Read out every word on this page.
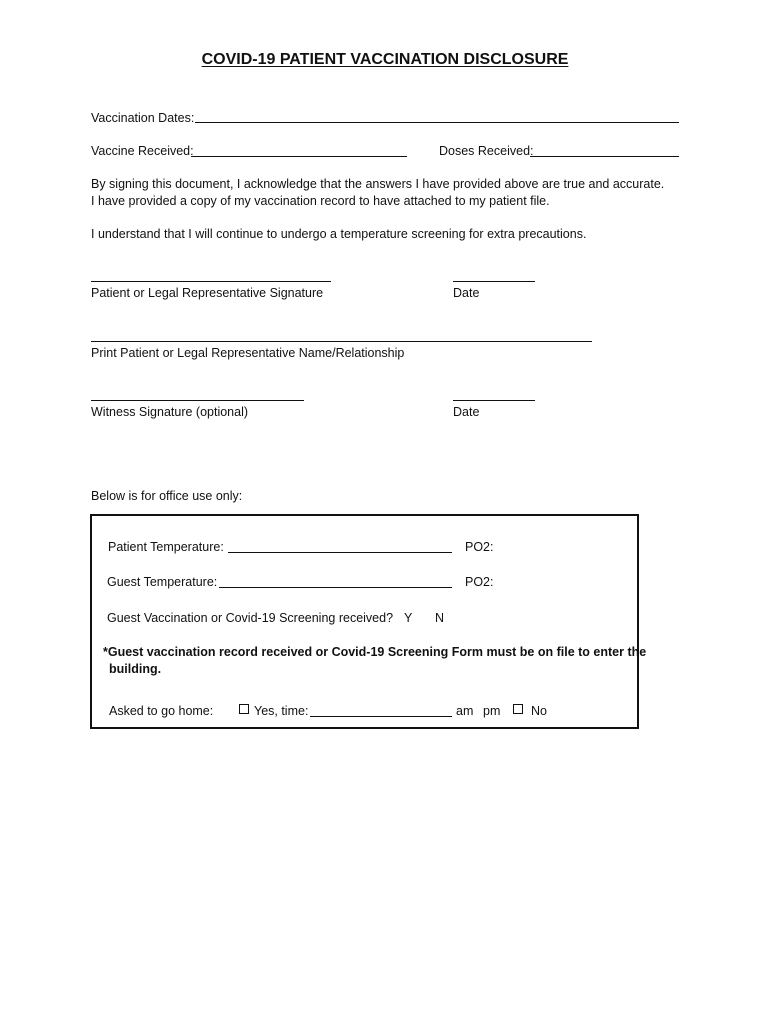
COVID-19 PATIENT VACCINATION DISCLOSURE
Vaccination Dates:
Vaccine Received:	Doses Received:
By signing this document, I acknowledge that the answers I have provided above are true and accurate.
I have provided a copy of my vaccination record to have attached to my patient file.
I understand that I will continue to undergo a temperature screening for extra precautions.
Patient or Legal Representative Signature	Date
Print Patient or Legal Representative Name/Relationship
Witness Signature (optional)	Date
Below is for office use only:
Patient Temperature:	PO2:
Guest Temperature:	PO2:
Guest Vaccination or Covid-19 Screening received? Y N
*Guest vaccination record received or Covid-19 Screening Form must be on file to enter the
building.
Asked to go home:	Yes, time:	am pm No
